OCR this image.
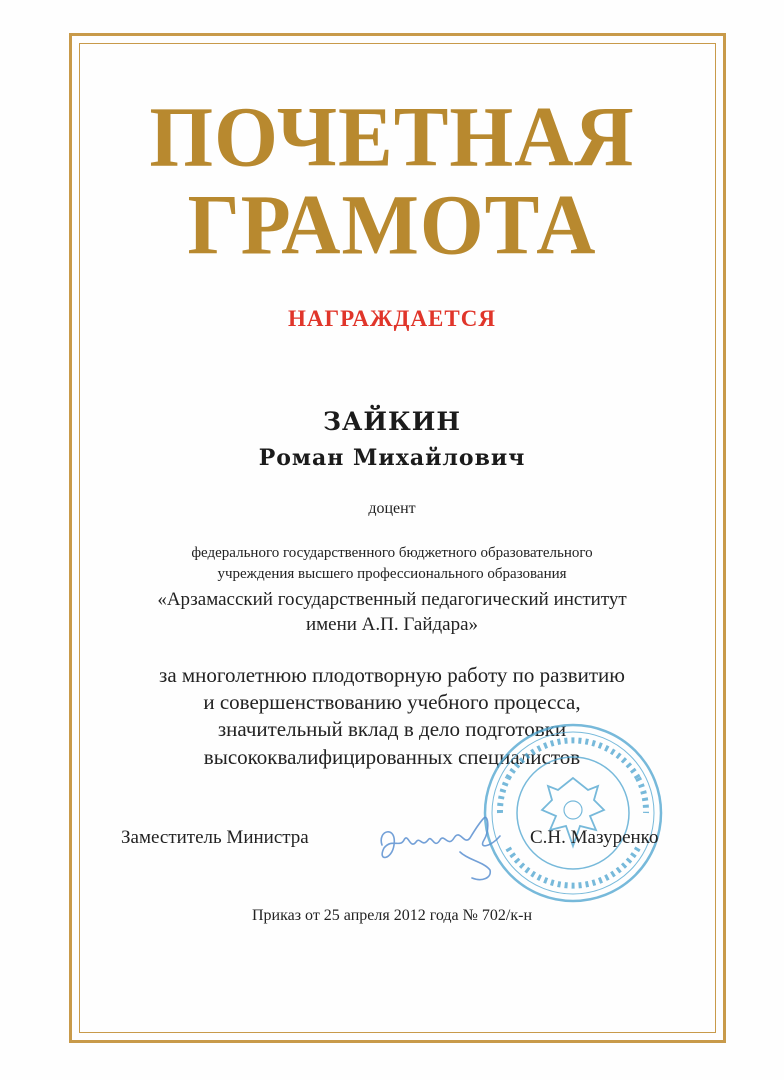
ПОЧЕТНАЯ
ГРАМОТА
НАГРАЖДАЕТСЯ
ЗАЙКИН
Роман Михайлович
доцент
федерального государственного бюджетного образовательного
учреждения высшего профессионального образования
«Арзамасский государственный педагогический институт
имени А.П. Гайдара»
за многолетнюю плодотворную работу по развитию
и совершенствованию учебного процесса,
значительный вклад в дело подготовки
высококвалифицированных специалистов
Заместитель Министра	С.Н. Мазуренко
Приказ от 25 апреля 2012 года № 702/к-н
